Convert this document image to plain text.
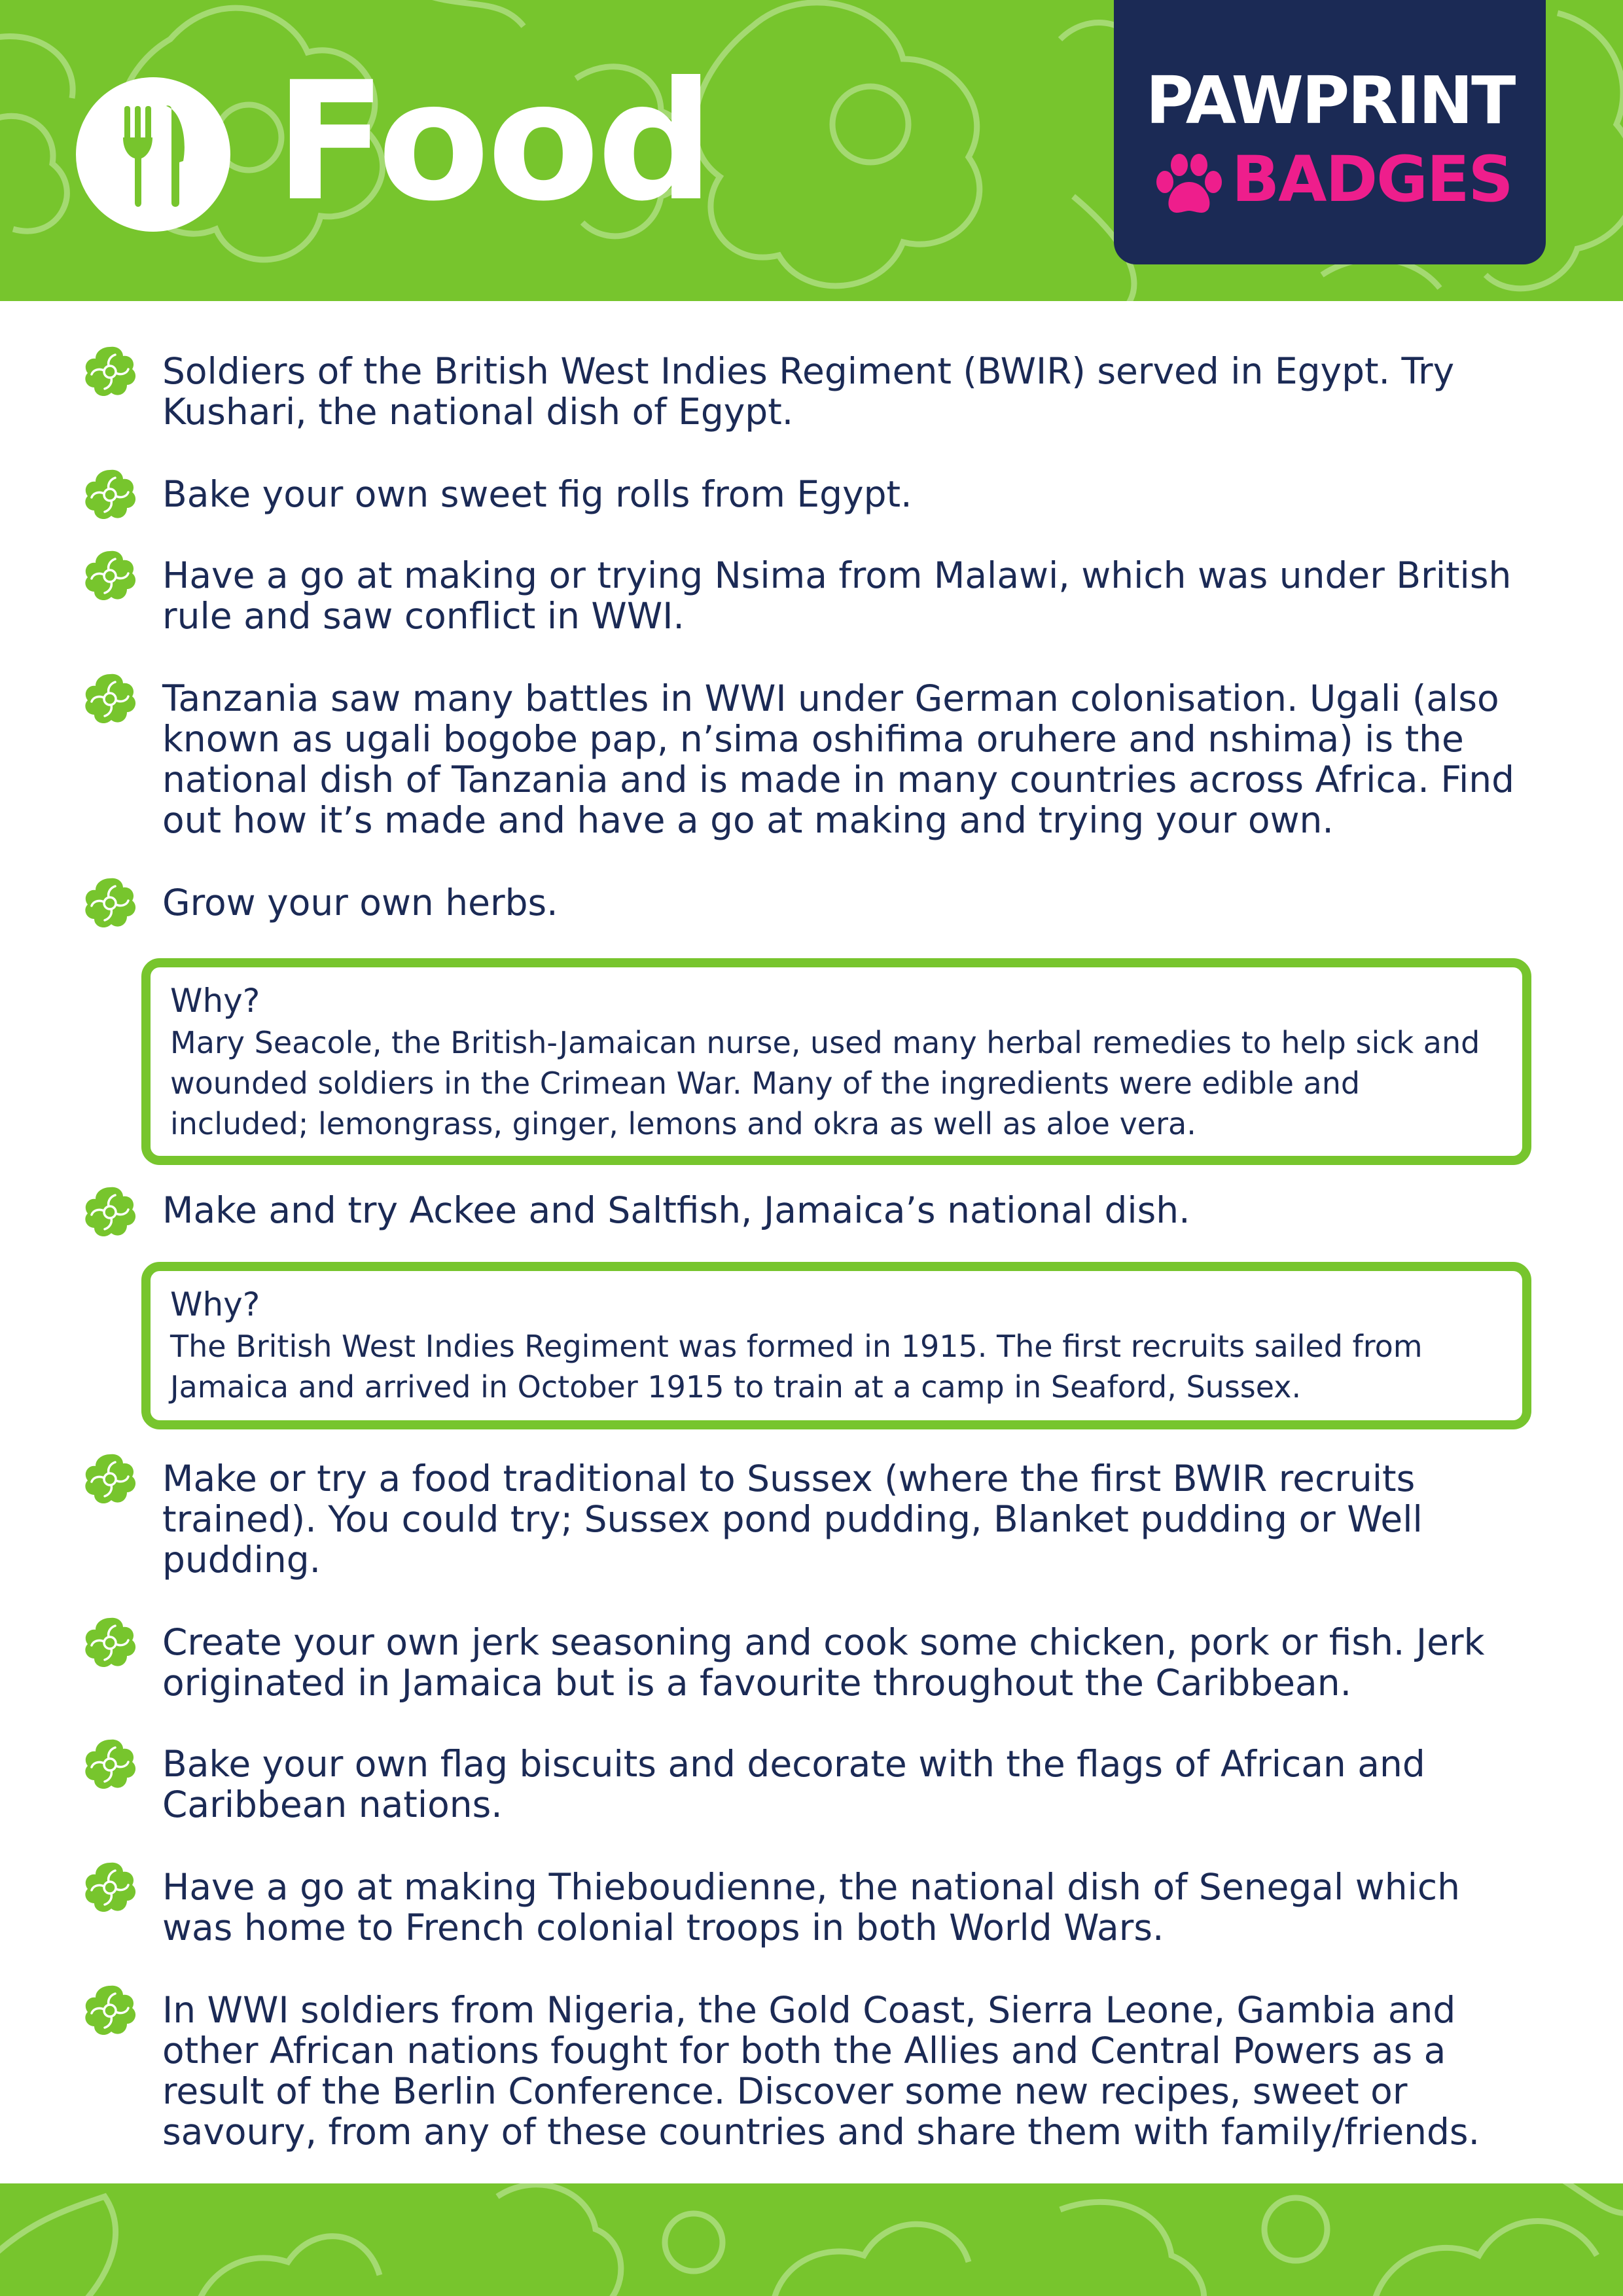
Food	PAWPRINT
BADGES
Soldiers of the British West Indies Regiment (BWIR) served in Egypt. Try Kushari, the national dish of Egypt.
Bake your own sweet fig rolls from Egypt.
Have a go at making or trying Nsima from Malawi, which was under British rule and saw conflict in WWI.
Tanzania saw many battles in WWI under German colonisation. Ugali (also known as ugali bogobe pap, n’sima oshifima oruhere and nshima) is the national dish of Tanzania and is made in many countries across Africa. Find out how it’s made and have a go at making and trying your own.
Grow your own herbs.
Why?
Mary Seacole, the British-Jamaican nurse, used many herbal remedies to help sick and wounded soldiers in the Crimean War. Many of the ingredients were edible and included; lemongrass, ginger, lemons and okra as well as aloe vera.
Make and try Ackee and Saltfish, Jamaica’s national dish.
Why?
The British West Indies Regiment was formed in 1915. The first recruits sailed from Jamaica and arrived in October 1915 to train at a camp in Seaford, Sussex.
Make or try a food traditional to Sussex (where the first BWIR recruits trained). You could try; Sussex pond pudding, Blanket pudding or Well pudding.
Create your own jerk seasoning and cook some chicken, pork or fish. Jerk originated in Jamaica but is a favourite throughout the Caribbean.
Bake your own flag biscuits and decorate with the flags of African and Caribbean nations.
Have a go at making Thieboudienne, the national dish of Senegal which was home to French colonial troops in both World Wars.
In WWI soldiers from Nigeria, the Gold Coast, Sierra Leone, Gambia and other African nations fought for both the Allies and Central Powers as a result of the Berlin Conference. Discover some new recipes, sweet or savoury, from any of these countries and share them with family/friends.
